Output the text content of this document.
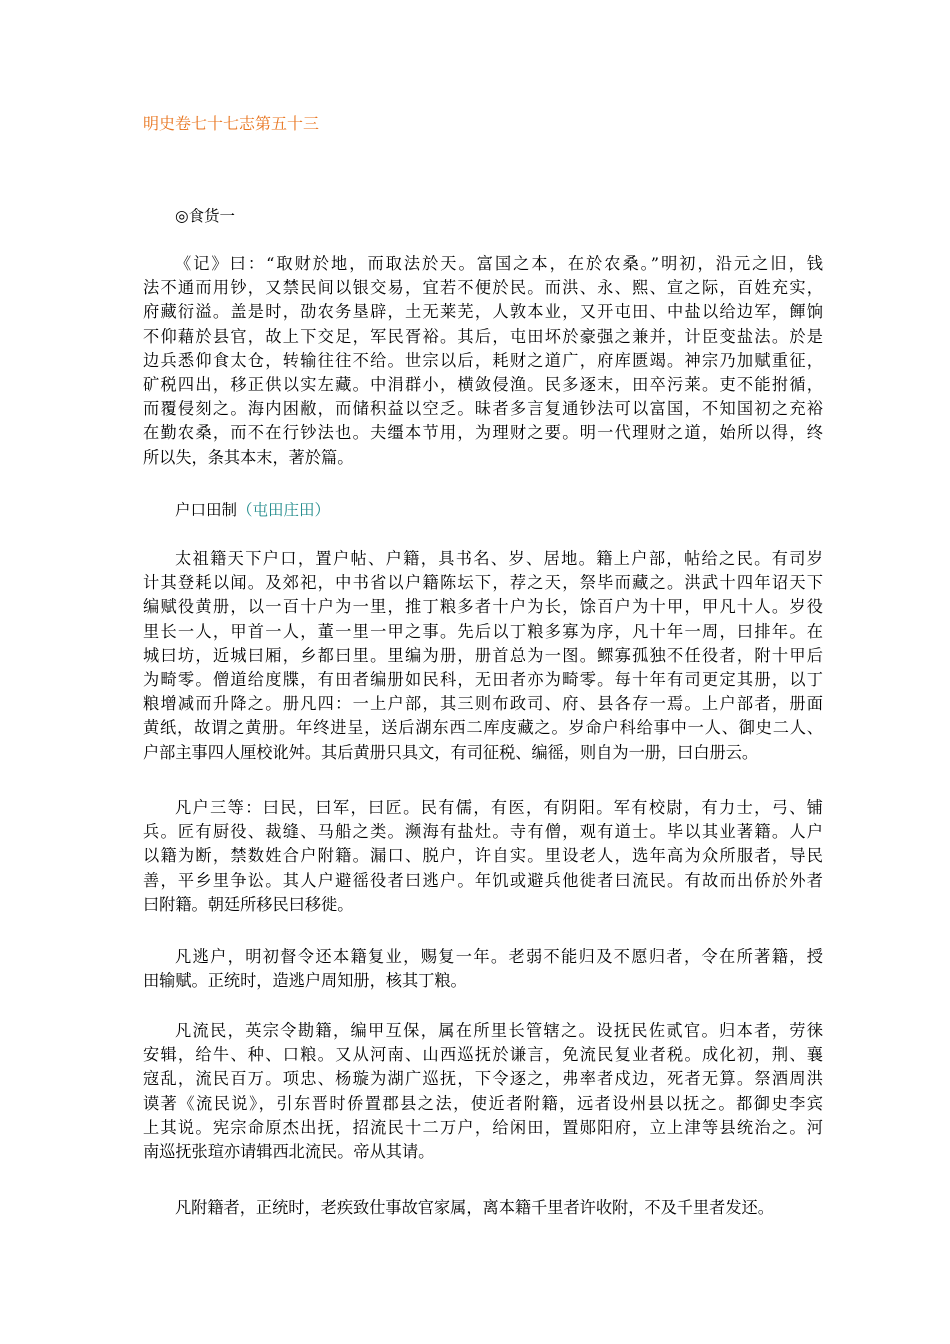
明史卷七十七志第五十三
◎食货一
《记》曰：“取财於地，而取法於天。富国之本，在於农桑。”明初，沿元之旧，钱
法不通而用钞，又禁民间以银交易，宜若不便於民。而洪、永、熙、宣之际，百姓充实，
府藏衍溢。盖是时，劭农务垦辟，土无莱芜，人敦本业，又开屯田、中盐以给边军，餫饷
不仰藉於县官，故上下交足，军民胥裕。其后，屯田坏於豪强之兼并，计臣变盐法。於是
边兵悉仰食太仓，转输往往不给。世宗以后，耗财之道广，府库匮竭。神宗乃加赋重征，
矿税四出，移正供以实左藏。中涓群小，横敛侵渔。民多逐末，田卒污莱。吏不能拊循，
而覆侵刻之。海内困敝，而储积益以空乏。昧者多言复通钞法可以富国，不知国初之充裕
在勤农桑，而不在行钞法也。夫缰本节用，为理财之要。明一代理财之道，始所以得，终
所以失，条其本末，著於篇。
户口田制（屯田庄田）
太祖籍天下户口，置户帖、户籍，具书名、岁、居地。籍上户部，帖给之民。有司岁
计其登耗以闻。及郊祀，中书省以户籍陈坛下，荐之天，祭毕而藏之。洪武十四年诏天下
编赋役黄册，以一百十户为一里，推丁粮多者十户为长，馀百户为十甲，甲凡十人。岁役
里长一人，甲首一人，董一里一甲之事。先后以丁粮多寡为序，凡十年一周，曰排年。在
城曰坊，近城曰厢，乡都曰里。里编为册，册首总为一图。鳏寡孤独不任役者，附十甲后
为畸零。僧道给度牒，有田者编册如民科，无田者亦为畸零。每十年有司更定其册，以丁
粮增减而升降之。册凡四：一上户部，其三则布政司、府、县各存一焉。上户部者，册面
黄纸，故谓之黄册。年终进呈，送后湖东西二库庋藏之。岁命户科给事中一人、御史二人、
户部主事四人厘校讹舛。其后黄册只具文，有司征税、编徭，则自为一册，曰白册云。
凡户三等：曰民，曰军，曰匠。民有儒，有医，有阴阳。军有校尉，有力士，弓、铺
兵。匠有厨役、裁缝、马船之类。濒海有盐灶。寺有僧，观有道士。毕以其业著籍。人户
以籍为断，禁数姓合户附籍。漏口、脱户，许自实。里设老人，选年高为众所服者，导民
善，平乡里争讼。其人户避徭役者曰逃户。年饥或避兵他徙者曰流民。有故而出侨於外者
曰附籍。朝廷所移民曰移徙。
凡逃户，明初督令还本籍复业，赐复一年。老弱不能归及不愿归者，令在所著籍，授
田输赋。正统时，造逃户周知册，核其丁粮。
凡流民，英宗令勘籍，编甲互保，属在所里长管辖之。设抚民佐贰官。归本者，劳徕
安辑，给牛、种、口粮。又从河南、山西巡抚於谦言，免流民复业者税。成化初，荆、襄
寇乱，流民百万。项忠、杨璇为湖广巡抚，下令逐之，弗率者戍边，死者无算。祭酒周洪
谟著《流民说》，引东晋时侨置郡县之法，使近者附籍，远者设州县以抚之。都御史李宾
上其说。宪宗命原杰出抚，招流民十二万户，给闲田，置郧阳府，立上津等县统治之。河
南巡抚张瑄亦请辑西北流民。帝从其请。
凡附籍者，正统时，老疾致仕事故官家属，离本籍千里者许收附，不及千里者发还。
